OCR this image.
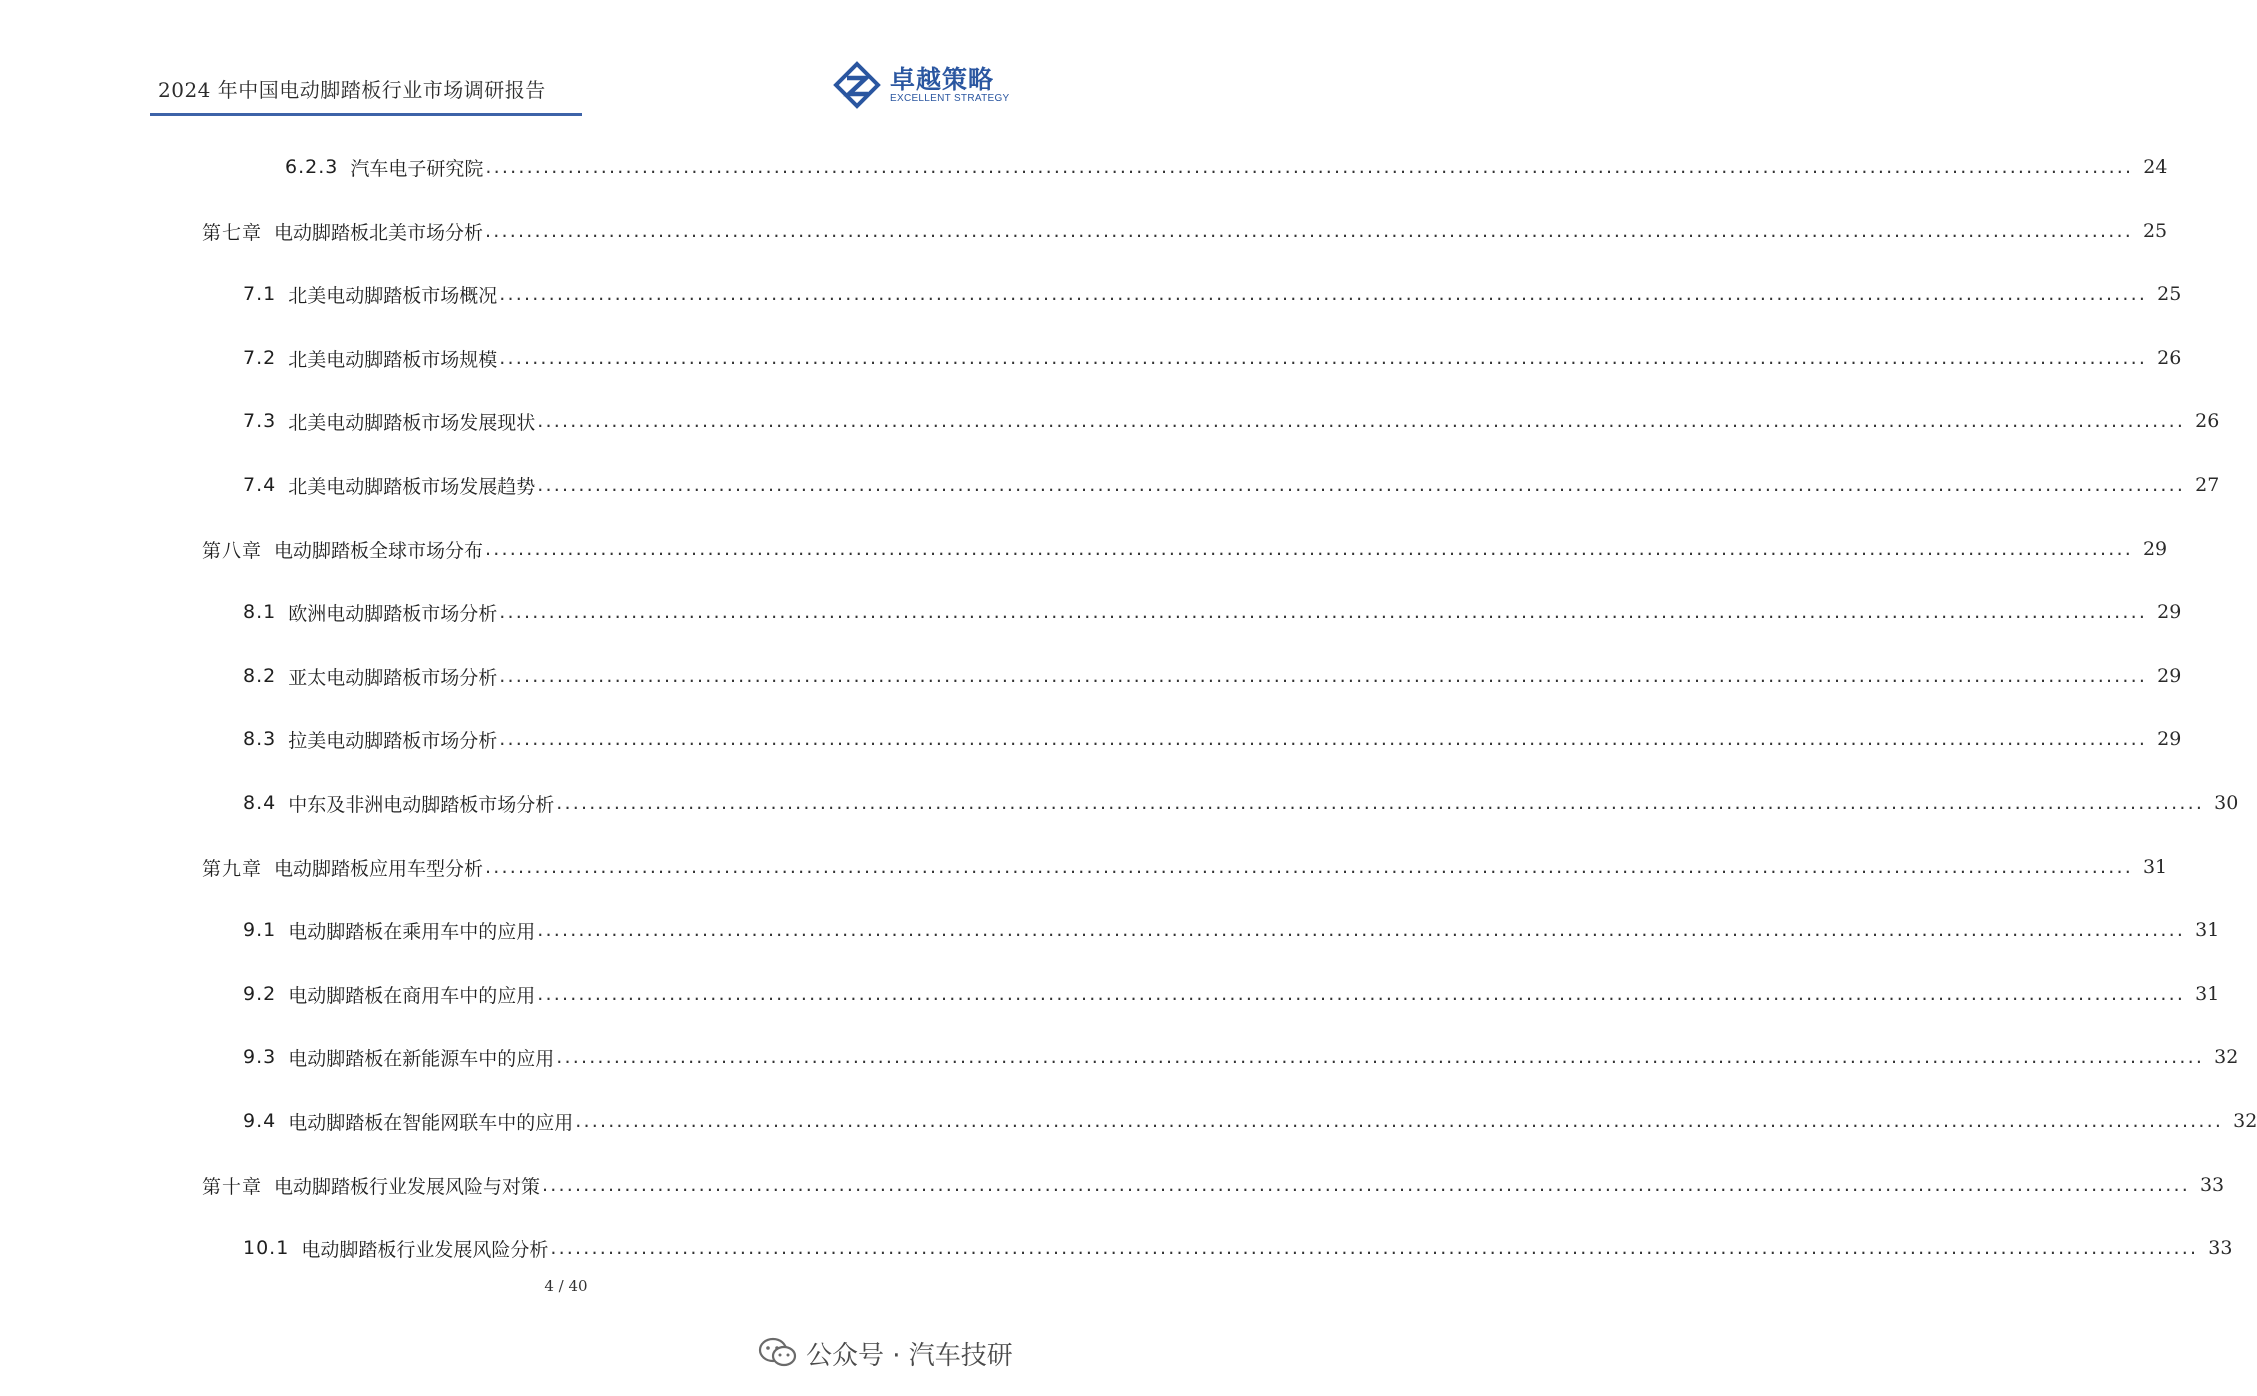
2024 年中国电动脚踏板行业市场调研报告	卓越策略
EXCELLENT STRATEGY
6.2.3 汽车电子研究院 ........................................................................................................................................................................................................ 24
第七章 电动脚踏板北美市场分析 ........................................................................................................................................................................................................ 25
7.1 北美电动脚踏板市场概况 ........................................................................................................................................................................................................ 25
7.2 北美电动脚踏板市场规模 ........................................................................................................................................................................................................ 26
7.3 北美电动脚踏板市场发展现状 ........................................................................................................................................................................................................ 26
7.4 北美电动脚踏板市场发展趋势 ........................................................................................................................................................................................................ 27
第八章 电动脚踏板全球市场分布 ........................................................................................................................................................................................................ 29
8.1 欧洲电动脚踏板市场分析 ........................................................................................................................................................................................................ 29
8.2 亚太电动脚踏板市场分析 ........................................................................................................................................................................................................ 29
8.3 拉美电动脚踏板市场分析 ........................................................................................................................................................................................................ 29
8.4 中东及非洲电动脚踏板市场分析 ........................................................................................................................................................................................................ 30
第九章 电动脚踏板应用车型分析 ........................................................................................................................................................................................................ 31
9.1 电动脚踏板在乘用车中的应用 ........................................................................................................................................................................................................ 31
9.2 电动脚踏板在商用车中的应用 ........................................................................................................................................................................................................ 31
9.3 电动脚踏板在新能源车中的应用 ........................................................................................................................................................................................................ 32
9.4 电动脚踏板在智能网联车中的应用 ........................................................................................................................................................................................................ 32
第十章 电动脚踏板行业发展风险与对策 ........................................................................................................................................................................................................ 33
10.1 电动脚踏板行业发展风险分析 ........................................................................................................................................................................................................ 33
4 / 40
公众号 · 汽车技研
